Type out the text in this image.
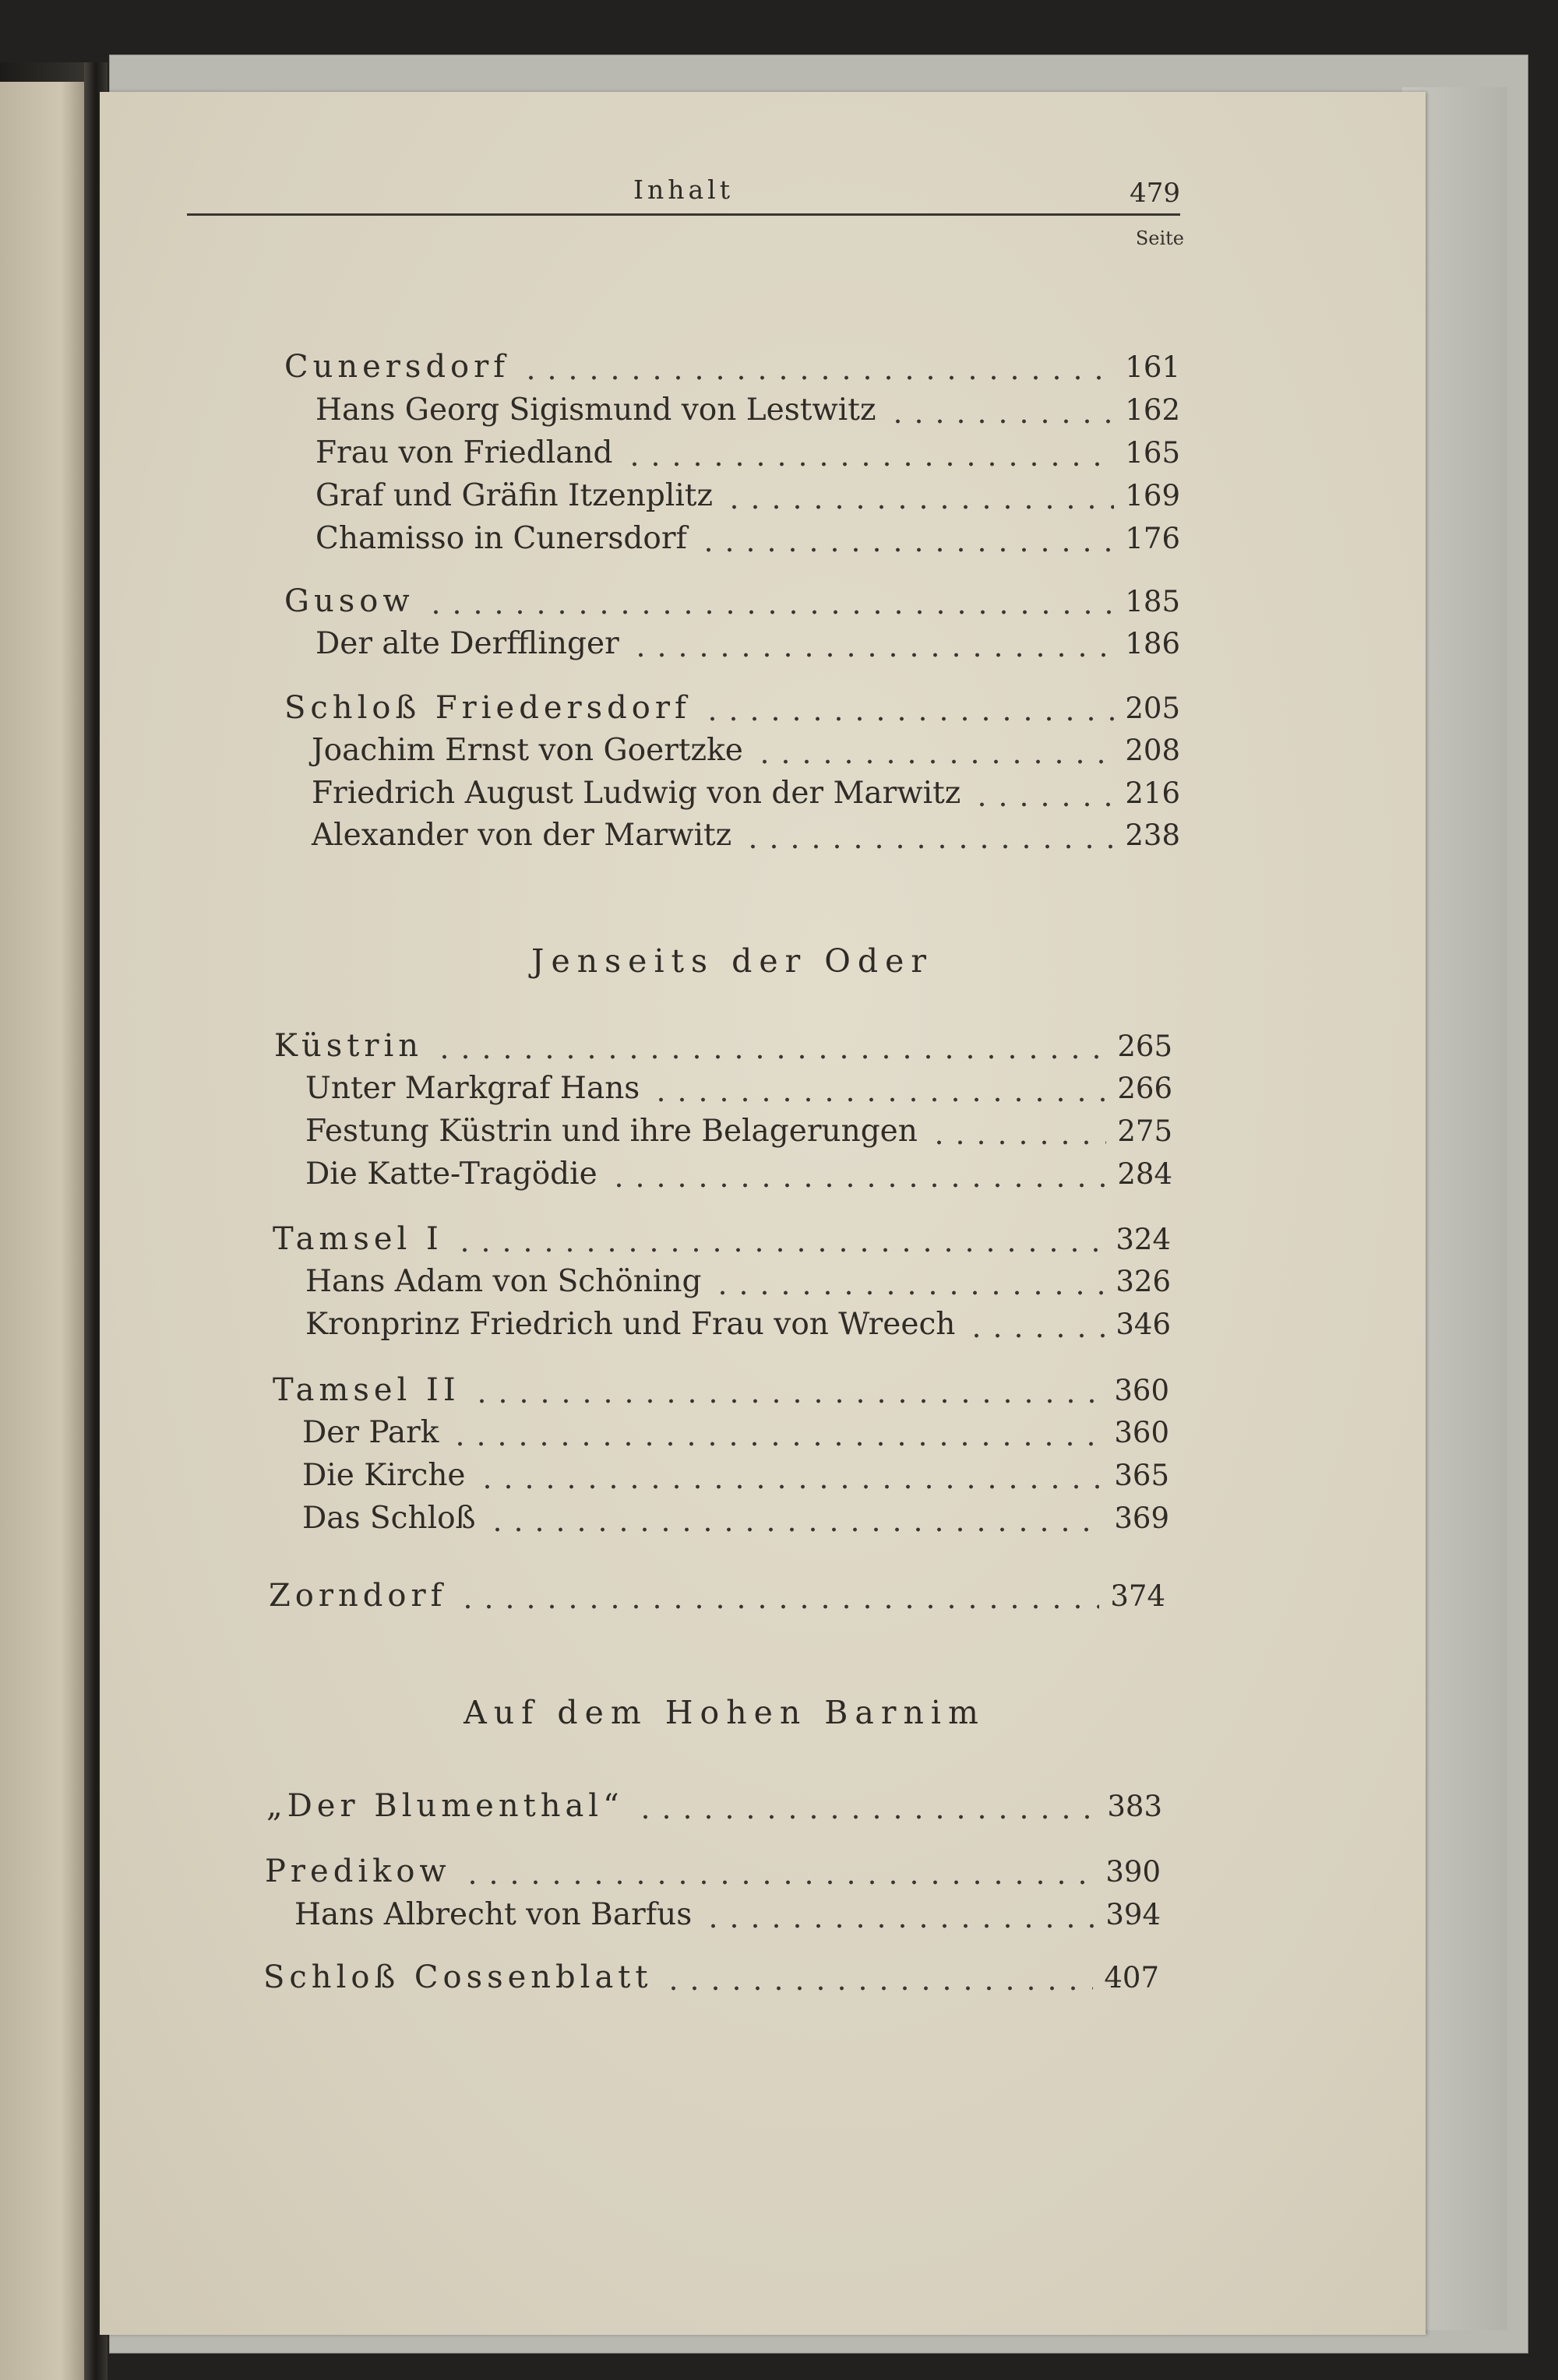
Inhalt	479
Seite
Cunersdorf	161
Hans Georg Sigismund von Lestwitz	162
Frau von Friedland	165
Graf und Gräfin Itzenplitz	169
Chamisso in Cunersdorf	176
Gusow	185
Der alte Derfflinger	186
Schloß Friedersdorf	205
Joachim Ernst von Goertzke	208
Friedrich August Ludwig von der Marwitz	216
Alexander von der Marwitz	238
Jenseits der Oder
Küstrin	265
Unter Markgraf Hans	266
Festung Küstrin und ihre Belagerungen	275
Die Katte-Tragödie	284
Tamsel I	324
Hans Adam von Schöning	326
Kronprinz Friedrich und Frau von Wreech	346
Tamsel II	360
Der Park	360
Die Kirche	365
Das Schloß	369
Zorndorf	374
Auf dem Hohen Barnim
„Der Blumenthal“	383
Predikow	390
Hans Albrecht von Barfus	394
Schloß Cossenblatt	407
